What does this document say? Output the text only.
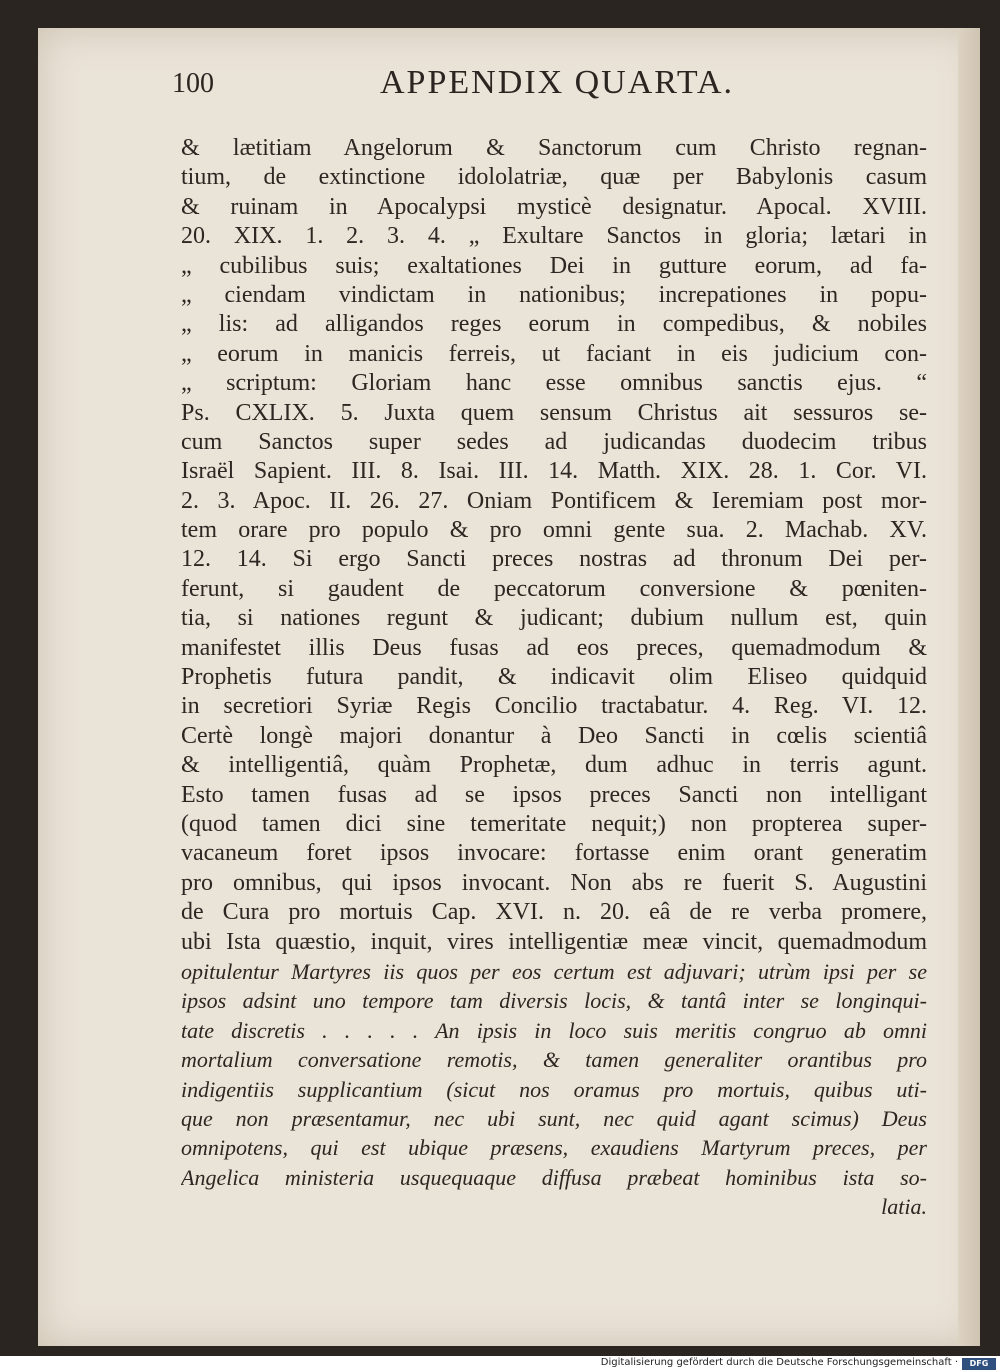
100	APPENDIX QUARTA.
& lætitiam Angelorum & Sanctorum cum Christo regnan-
tium, de extinctione idololatriæ, quæ per Babylonis casum
& ruinam in Apocalypsi mysticè designatur. Apocal. XVIII.
20. XIX. 1. 2. 3. 4. „ Exultare Sanctos in gloria; lætari in
„ cubilibus suis; exaltationes Dei in gutture eorum, ad fa-
„ ciendam vindictam in nationibus; increpationes in popu-
„ lis: ad alligandos reges eorum in compedibus, & nobiles
„ eorum in manicis ferreis, ut faciant in eis judicium con-
„ scriptum: Gloriam hanc esse omnibus sanctis ejus. “
Ps. CXLIX. 5. Juxta quem sensum Christus ait sessuros se-
cum Sanctos super sedes ad judicandas duodecim tribus
Israël Sapient. III. 8. Isai. III. 14. Matth. XIX. 28. 1. Cor. VI.
2. 3. Apoc. II. 26. 27. Oniam Pontificem & Ieremiam post mor-
tem orare pro populo & pro omni gente sua. 2. Machab. XV.
12. 14. Si ergo Sancti preces nostras ad thronum Dei per-
ferunt, si gaudent de peccatorum conversione & pœniten-
tia, si nationes regunt & judicant; dubium nullum est, quin
manifestet illis Deus fusas ad eos preces, quemadmodum &
Prophetis futura pandit, & indicavit olim Eliseo quidquid
in secretiori Syriæ Regis Concilio tractabatur. 4. Reg. VI. 12.
Certè longè majori donantur à Deo Sancti in cœlis scientiâ
& intelligentiâ, quàm Prophetæ, dum adhuc in terris agunt.
Esto tamen fusas ad se ipsos preces Sancti non intelligant
(quod tamen dici sine temeritate nequit;) non propterea super-
vacaneum foret ipsos invocare: fortasse enim orant generatim
pro omnibus, qui ipsos invocant. Non abs re fuerit S. Augustini
de Cura pro mortuis Cap. XVI. n. 20. eâ de re verba promere,
ubi Ista quæstio, inquit, vires intelligentiæ meæ vincit, quemadmodum
opitulentur Martyres iis quos per eos certum est adjuvari; utrùm ipsi per se
ipsos adsint uno tempore tam diversis locis, & tantâ inter se longinqui-
tate discretis . . . . . An ipsis in loco suis meritis congruo ab omni
mortalium conversatione remotis, & tamen generaliter orantibus pro
indigentiis supplicantium (sicut nos oramus pro mortuis, quibus uti-
que non præsentamur, nec ubi sunt, nec quid agant scimus) Deus
omnipotens, qui est ubique præsens, exaudiens Martyrum preces, per
Angelica ministeria usquequaque diffusa præbeat hominibus ista so-
latia.
Digitalisierung gefördert durch die Deutsche Forschungsgemeinschaft ·	DFG
